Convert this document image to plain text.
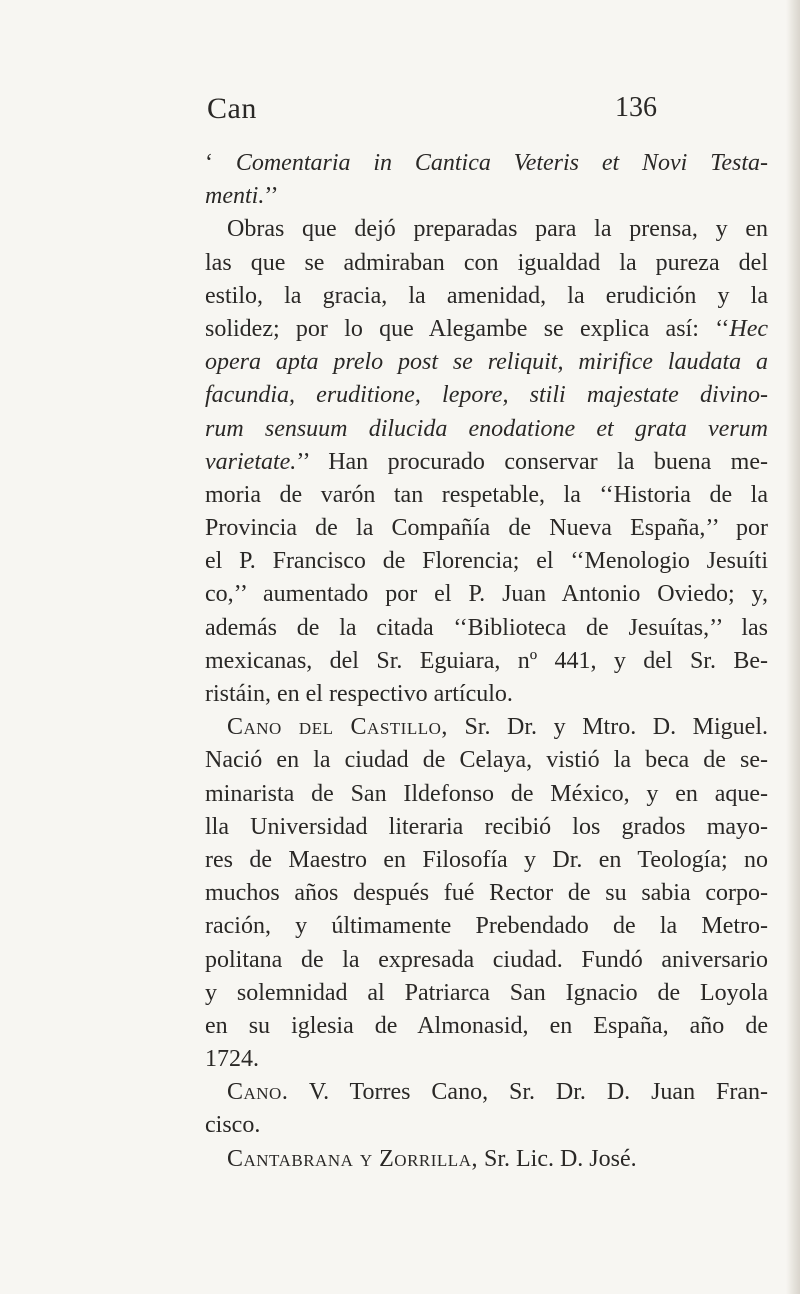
Can	136
‘ Comentaria in Cantica Veteris et Novi Testa-
menti.’’
Obras que dejó preparadas para la prensa, y en
las que se admiraban con igualdad la pureza del
estilo, la gracia, la amenidad, la erudición y la
solidez; por lo que Alegambe se explica así: ‘‘Hec
opera apta prelo post se reliquit, mirifice laudata a
facundia, eruditione, lepore, stili majestate divino-
rum sensuum dilucida enodatione et grata verum
varietate.’’ Han procurado conservar la buena me-
moria de varón tan respetable, la ‘‘Historia de la
Provincia de la Compañía de Nueva España,’’ por
el P. Francisco de Florencia; el ‘‘Menologio Jesuíti
co,’’ aumentado por el P. Juan Antonio Oviedo; y,
además de la citada ‘‘Biblioteca de Jesuítas,’’ las
mexicanas, del Sr. Eguiara, nº 441, y del Sr. Be-
ristáin, en el respectivo artículo.
Cano del Castillo, Sr. Dr. y Mtro. D. Miguel.
Nació en la ciudad de Celaya, vistió la beca de se-
minarista de San Ildefonso de México, y en aque-
lla Universidad literaria recibió los grados mayo-
res de Maestro en Filosofía y Dr. en Teología; no
muchos años después fué Rector de su sabia corpo-
ración, y últimamente Prebendado de la Metro-
politana de la expresada ciudad. Fundó aniversario
y solemnidad al Patriarca San Ignacio de Loyola
en su iglesia de Almonasid, en España, año de
1724.
Cano. V. Torres Cano, Sr. Dr. D. Juan Fran-
cisco.
Cantabrana y Zorrilla, Sr. Lic. D. José.
